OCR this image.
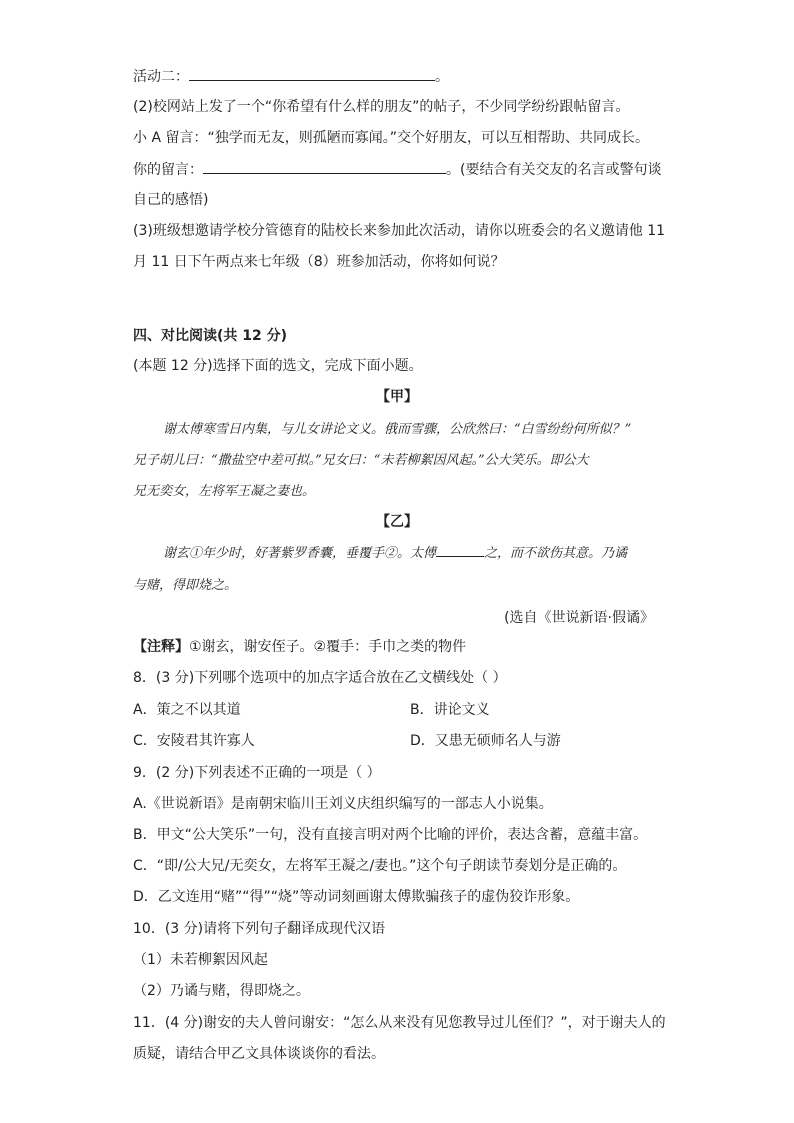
活动二：	。
(2)校网站上发了一个“你希望有什么样的朋友”的帖子，不少同学纷纷跟帖留言。
小 A 留言：“独学而无友，则孤陋而寡闻。”交个好朋友，可以互相帮助、共同成长。
你的留言：	。(要结合有关交友的名言或警句谈
自己的感悟)
(3)班级想邀请学校分管德育的陆校长来参加此次活动，请你以班委会的名义邀请他 11
月 11 日下午两点来七年级（8）班参加活动，你将如何说？
四、对比阅读(共 12 分)
(本题 12 分)选择下面的选文，完成下面小题。
【甲】
谢太傅寒雪日内集，与儿女讲论文义。俄而雪骤，公欣然曰：“白雪纷纷何所似？”
兄子胡儿曰：“撒盐空中差可拟。”兄女曰：“未若柳絮因风起。”公大笑乐。即公大
兄无奕女，左将军王凝之妻也。
【乙】
谢玄①年少时，好著紫罗香囊，垂覆手②。太傅	之，而不欲伤其意。乃谲
与赌，得即烧之。
(选自《世说新语·假谲》
【注释】①谢玄，谢安侄子。②覆手：手巾之类的物件
8．(3 分)下列哪个选项中的加点字适合放在乙文横线处（ ）
A．策之不以其道	B．讲论文义
C．安陵君其许寡人	D．又患无硕师名人与游
9．(2 分)下列表述不正确的一项是（ ）
A.《世说新语》是南朝宋临川王刘义庆组织编写的一部志人小说集。
B．甲文“公大笑乐”一句，没有直接言明对两个比喻的评价，表达含蓄，意蕴丰富。
C．“即/公大兄/无奕女，左将军王凝之/妻也。”这个句子朗读节奏划分是正确的。
D．乙文连用“赌”“得”“烧”等动词刻画谢太傅欺骗孩子的虚伪狡诈形象。
10．(3 分)请将下列句子翻译成现代汉语
（1）未若柳絮因风起
（2）乃谲与赌，得即烧之。
11．(4 分)谢安的夫人曾问谢安：“怎么从来没有见您教导过儿侄们？”，对于谢夫人的
质疑，请结合甲乙文具体谈谈你的看法。
